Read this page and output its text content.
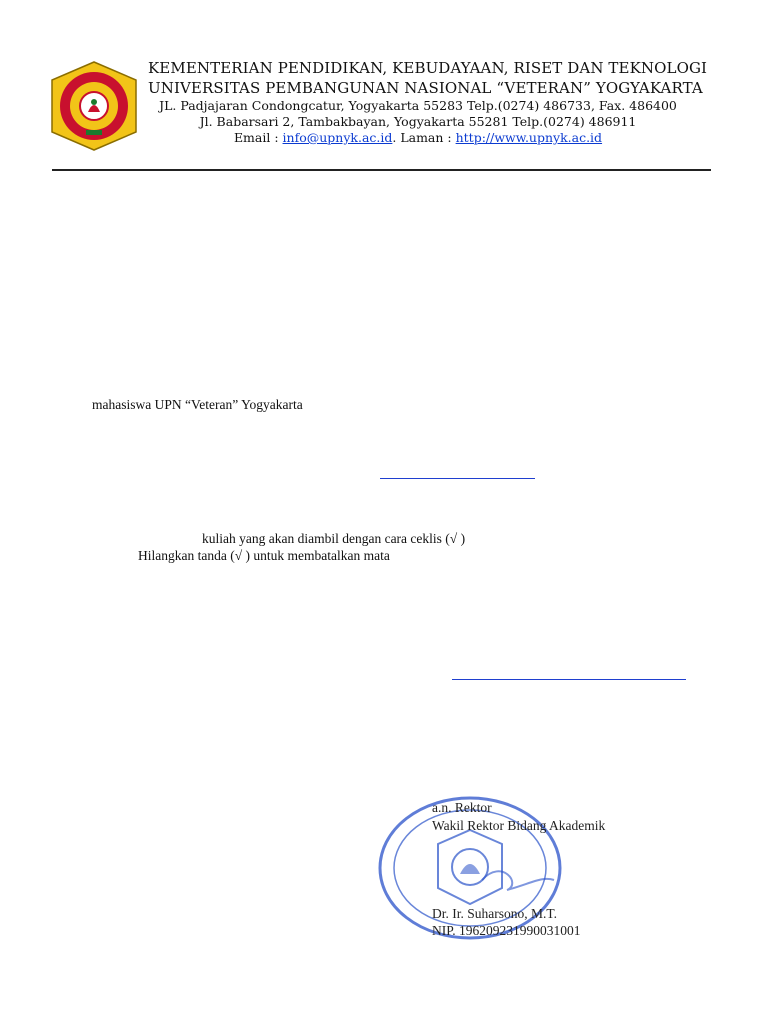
KEMENTERIAN PENDIDIKAN, KEBUDAYAAN, RISET DAN TEKNOLOGI
UNIVERSITAS PEMBANGUNAN NASIONAL “VETERAN” YOGYAKARTA
JL. Padjajaran Condongcatur, Yogyakarta 55283 Telp.(0274) 486733, Fax. 486400
Jl. Babarsari 2, Tambakbayan, Yogyakarta 55281 Telp.(0274) 486911
Email : info@upnyk.ac.id. Laman : http://www.upnyk.ac.id
mahasiswa UPN “Veteran” Yogyakarta
kuliah yang akan diambil dengan cara ceklis (√ )
Hilangkan tanda (√ ) untuk membatalkan mata
a.n. Rektor
Wakil Rektor Bidang Akademik
Dr. Ir. Suharsono, M.T.
NIP. 196209231990031001
